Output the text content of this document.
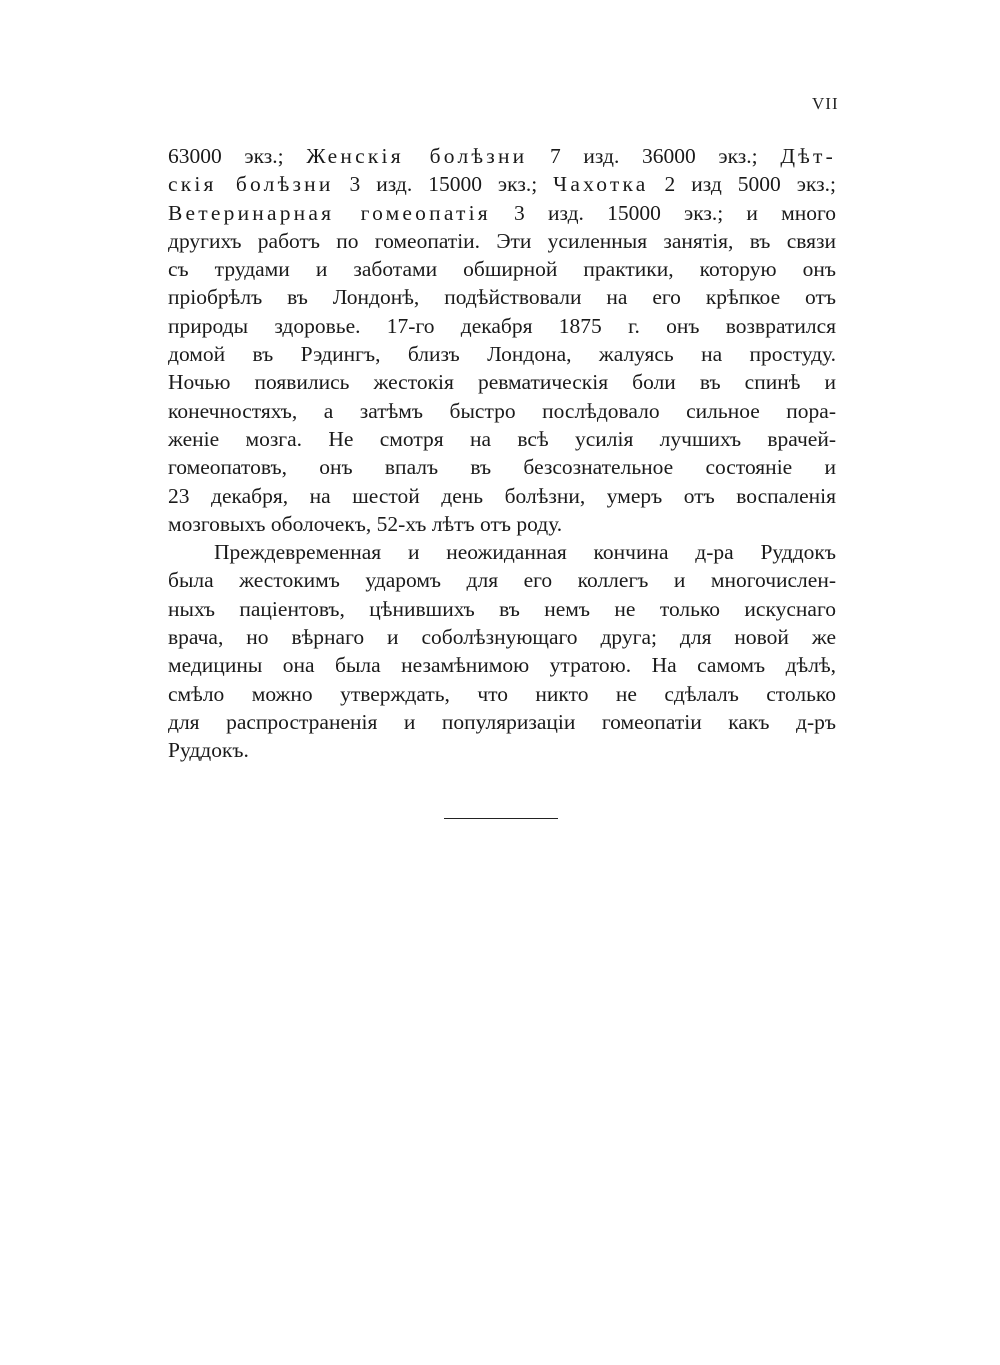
VII
63000 экз.; Женскія болѣзни 7 изд. 36000 экз.; Дѣт-
скія болѣзни 3 изд. 15000 экз.; Чахотка 2 изд 5000 экз.;
Ветеринарная гомеопатія 3 изд. 15000 экз.; и много
другихъ работъ по гомеопатіи. Эти усиленныя занятія, въ связи
съ трудами и заботами обширной практики, которую онъ
пріобрѣлъ въ Лондонѣ, подѣйствовали на его крѣпкое отъ
природы здоровье. 17-го декабря 1875 г. онъ возвратился
домой въ Рэдингъ, близъ Лондона, жалуясь на простуду.
Ночью появились жестокія ревматическія боли въ спинѣ и
конечностяхъ, а затѣмъ быстро послѣдовало сильное пора-
женіе мозга. Не смотря на всѣ усилія лучшихъ врачей-
гомеопатовъ, онъ впалъ въ безсознательное состояніе и
23 декабря, на шестой день болѣзни, умеръ отъ воспаленія
мозговыхъ оболочекъ, 52-хъ лѣтъ отъ роду.
Преждевременная и неожиданная кончина д-ра Руддокъ
была жестокимъ ударомъ для его коллегъ и многочислен-
ныхъ паціентовъ, цѣнившихъ въ немъ не только искуснаго
врача, но вѣрнаго и соболѣзнующаго друга; для новой же
медицины она была незамѣнимою утратою. На самомъ дѣлѣ,
смѣло можно утверждать, что никто не сдѣлалъ столько
для распространенія и популяризаціи гомеопатіи какъ д-ръ
Руддокъ.
